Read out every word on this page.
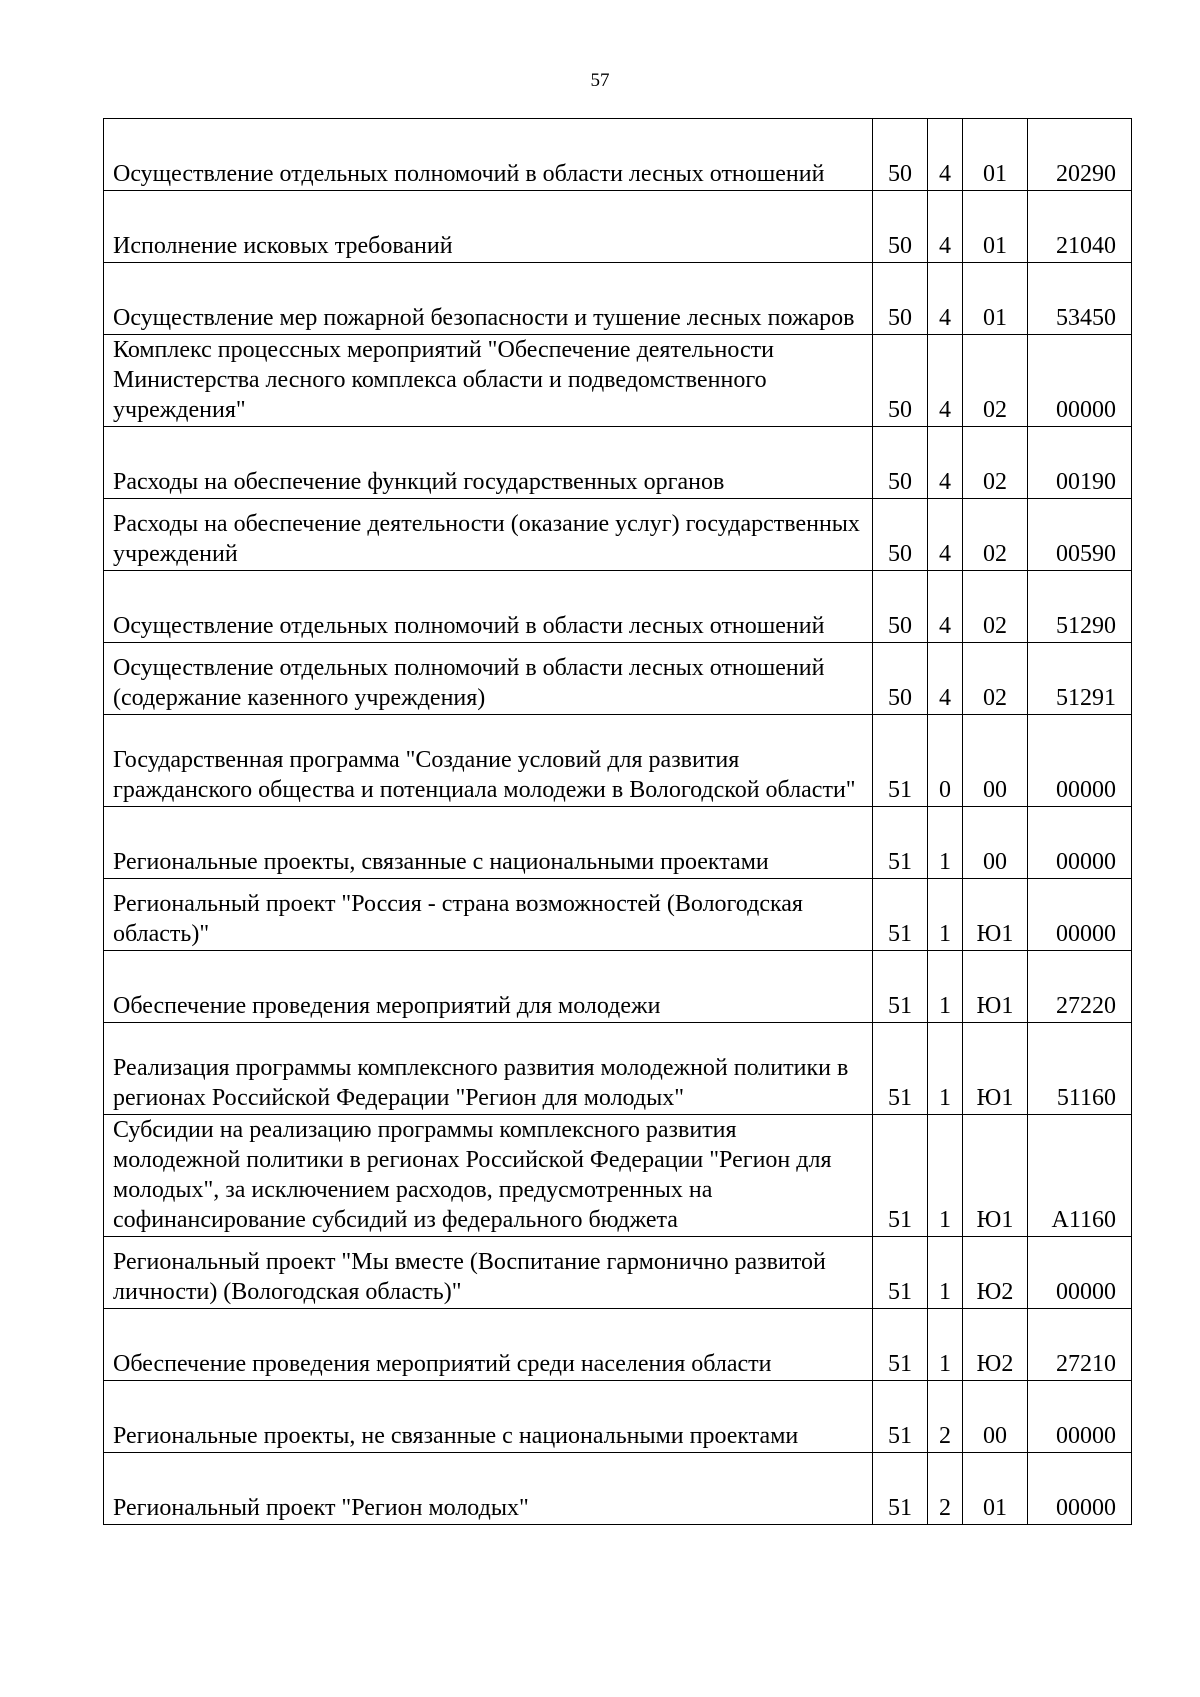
57
Осуществление отдельных полномочий в области лесных отношений	50	4	01	20290
Исполнение исковых требований	50	4	01	21040
Осуществление мер пожарной безопасности и тушение лесных пожаров	50	4	01	53450
Комплекс процессных мероприятий "Обеспечение деятельности Министерства лесного комплекса области и подведомственного учреждения"	50	4	02	00000
Расходы на обеспечение функций государственных органов	50	4	02	00190
Расходы на обеспечение деятельности (оказание услуг) государственных учреждений	50	4	02	00590
Осуществление отдельных полномочий в области лесных отношений	50	4	02	51290
Осуществление отдельных полномочий в области лесных отношений (содержание казенного учреждения)	50	4	02	51291
Государственная программа "Создание условий для развития гражданского общества и потенциала молодежи в Вологодской области"	51	0	00	00000
Региональные проекты, связанные с национальными проектами	51	1	00	00000
Региональный проект "Россия - страна возможностей (Вологодская область)"	51	1	Ю1	00000
Обеспечение проведения мероприятий для молодежи	51	1	Ю1	27220
Реализация программы комплексного развития молодежной политики в регионах Российской Федерации "Регион для молодых"	51	1	Ю1	51160
Субсидии на реализацию программы комплексного развития молодежной политики в регионах Российской Федерации "Регион для молодых", за исключением расходов, предусмотренных на софинансирование субсидий из федерального бюджета	51	1	Ю1	А1160
Региональный проект "Мы вместе (Воспитание гармонично развитой личности) (Вологодская область)"	51	1	Ю2	00000
Обеспечение проведения мероприятий среди населения области	51	1	Ю2	27210
Региональные проекты, не связанные с национальными проектами	51	2	00	00000
Региональный проект "Регион молодых"	51	2	01	00000
